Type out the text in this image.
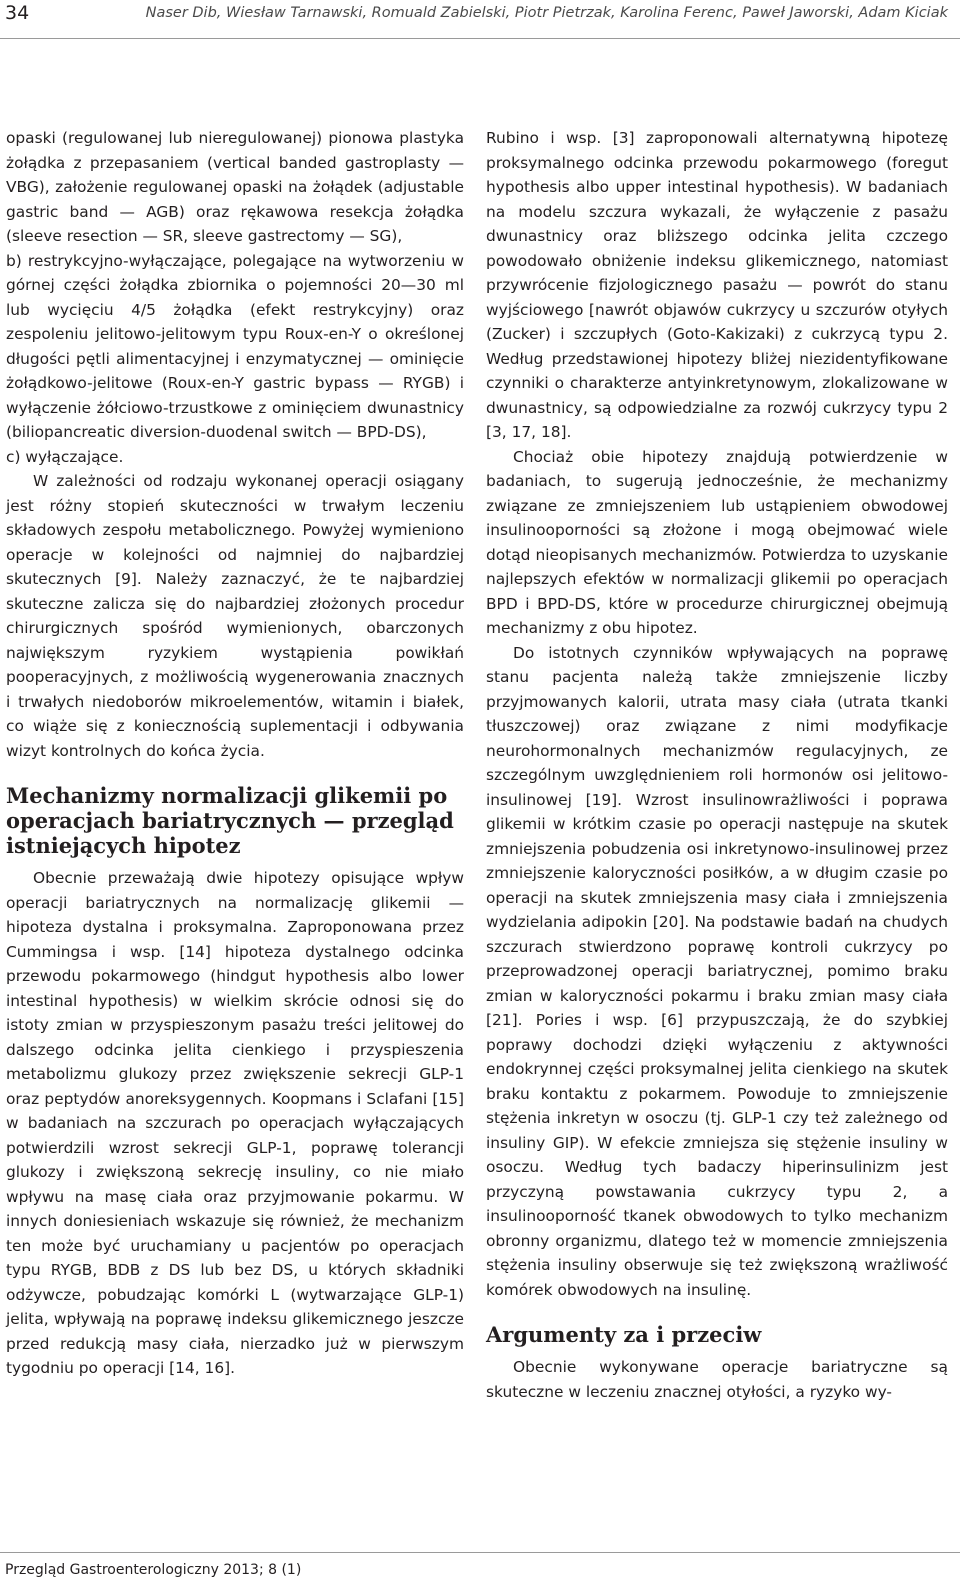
34	Naser Dib, Wiesław Tarnawski, Romuald Zabielski, Piotr Pietrzak, Karolina Ferenc, Paweł Jaworski, Adam Kiciak

opaski (regulowanej lub nieregulowanej) pionowa plastyka żołądka z przepasaniem (vertical banded gastroplasty — VBG), założenie regulowanej opaski na żołądek (adjustable gastric band — AGB) oraz rękawowa resekcja żołądka (sleeve resection — SR, sleeve gastrectomy — SG),

b) restrykcyjno-wyłączające, polegające na wytworzeniu w górnej części żołądka zbiornika o pojemności 20—30 ml lub wycięciu 4/5 żołądka (efekt restrykcyjny) oraz zespoleniu jelitowo-jelitowym typu Roux-en-Y o określonej długości pętli alimentacyjnej i enzymatycznej — ominięcie żołądkowo-jelitowe (Roux-en-Y gastric bypass — RYGB) i wyłączenie żółciowo-trzustkowe z ominięciem dwunastnicy (biliopancreatic diversion-duodenal switch — BPD-DS),

c) wyłączające.

W zależności od rodzaju wykonanej operacji osiągany jest różny stopień skuteczności w trwałym leczeniu składowych zespołu metabolicznego. Powyżej wymieniono operacje w kolejności od najmniej do najbardziej skutecznych [9]. Należy zaznaczyć, że te najbardziej skuteczne zalicza się do najbardziej złożonych procedur chirurgicznych spośród wymienionych, obarczonych największym ryzykiem wystąpienia powikłań pooperacyjnych, z możliwością wygenerowania znacznych i trwałych niedoborów mikroelementów, witamin i białek, co wiąże się z koniecznością suplementacji i odbywania wizyt kontrolnych do końca życia.

Mechanizmy normalizacji glikemii po operacjach bariatrycznych — przegląd istniejących hipotez

Obecnie przeważają dwie hipotezy opisujące wpływ operacji bariatrycznych na normalizację glikemii — hipoteza dystalna i proksymalna. Zaproponowana przez Cummingsa i wsp. [14] hipoteza dystalnego odcinka przewodu pokarmowego (hindgut hypothesis albo lower intestinal hypothesis) w wielkim skrócie odnosi się do istoty zmian w przyspieszonym pasażu treści jelitowej do dalszego odcinka jelita cienkiego i przyspieszenia metabolizmu glukozy przez zwiększenie sekrecji GLP-1 oraz peptydów anoreksygennych. Koopmans i Sclafani [15] w badaniach na szczurach po operacjach wyłączających potwierdzili wzrost sekrecji GLP-1, poprawę tolerancji glukozy i zwiększoną sekrecję insuliny, co nie miało wpływu na masę ciała oraz przyjmowanie pokarmu. W innych doniesieniach wskazuje się również, że mechanizm ten może być uruchamiany u pacjentów po operacjach typu RYGB, BDB z DS lub bez DS, u których składniki odżywcze, pobudzając komórki L (wytwarzające GLP-1) jelita, wpływają na poprawę indeksu glikemicznego jeszcze przed redukcją masy ciała, nierzadko już w pierwszym tygodniu po operacji [14, 16].

Rubino i wsp. [3] zaproponowali alternatywną hipotezę proksymalnego odcinka przewodu pokarmowego (foregut hypothesis albo upper intestinal hypothesis). W badaniach na modelu szczura wykazali, że wyłączenie z pasażu dwunastnicy oraz bliższego odcinka jelita czczego powodowało obniżenie indeksu glikemicznego, natomiast przywrócenie fizjologicznego pasażu — powrót do stanu wyjściowego [nawrót objawów cukrzycy u szczurów otyłych (Zucker) i szczupłych (Goto-Kakizaki) z cukrzycą typu 2. Według przedstawionej hipotezy bliżej niezidentyfikowane czynniki o charakterze antyinkretynowym, zlokalizowane w dwunastnicy, są odpowiedzialne za rozwój cukrzycy typu 2 [3, 17, 18].

Chociaż obie hipotezy znajdują potwierdzenie w badaniach, to sugerują jednocześnie, że mechanizmy związane ze zmniejszeniem lub ustąpieniem obwodowej insulinooporności są złożone i mogą obejmować wiele dotąd nieopisanych mechanizmów. Potwierdza to uzyskanie najlepszych efektów w normalizacji glikemii po operacjach BPD i BPD-DS, które w procedurze chirurgicznej obejmują mechanizmy z obu hipotez.

Do istotnych czynników wpływających na poprawę stanu pacjenta należą także zmniejszenie liczby przyjmowanych kalorii, utrata masy ciała (utrata tkanki tłuszczowej) oraz związane z nimi modyfikacje neurohormonalnych mechanizmów regulacyjnych, ze szczególnym uwzględnieniem roli hormonów osi jelitowo-insulinowej [19]. Wzrost insulinowrażliwości i poprawa glikemii w krótkim czasie po operacji następuje na skutek zmniejszenia pobudzenia osi inkretynowo-insulinowej przez zmniejszenie kaloryczności posiłków, a w długim czasie po operacji na skutek zmniejszenia masy ciała i zmniejszenia wydzielania adipokin [20]. Na podstawie badań na chudych szczurach stwierdzono poprawę kontroli cukrzycy po przeprowadzonej operacji bariatrycznej, pomimo braku zmian w kaloryczności pokarmu i braku zmian masy ciała [21]. Pories i wsp. [6] przypuszczają, że do szybkiej poprawy dochodzi dzięki wyłączeniu z aktywności endokrynnej części proksymalnej jelita cienkiego na skutek braku kontaktu z pokarmem. Powoduje to zmniejszenie stężenia inkretyn w osoczu (tj. GLP-1 czy też zależnego od insuliny GIP). W efekcie zmniejsza się stężenie insuliny w osoczu. Według tych badaczy hiperinsulinizm jest przyczyną powstawania cukrzycy typu 2, a insulinooporność tkanek obwodowych to tylko mechanizm obronny organizmu, dlatego też w momencie zmniejszenia stężenia insuliny obserwuje się też zwiększoną wrażliwość komórek obwodowych na insulinę.

Argumenty za i przeciw

Obecnie wykonywane operacje bariatryczne są skuteczne w leczeniu znacznej otyłości, a ryzyko wy-

Przegląd Gastroenterologiczny 2013; 8 (1)
